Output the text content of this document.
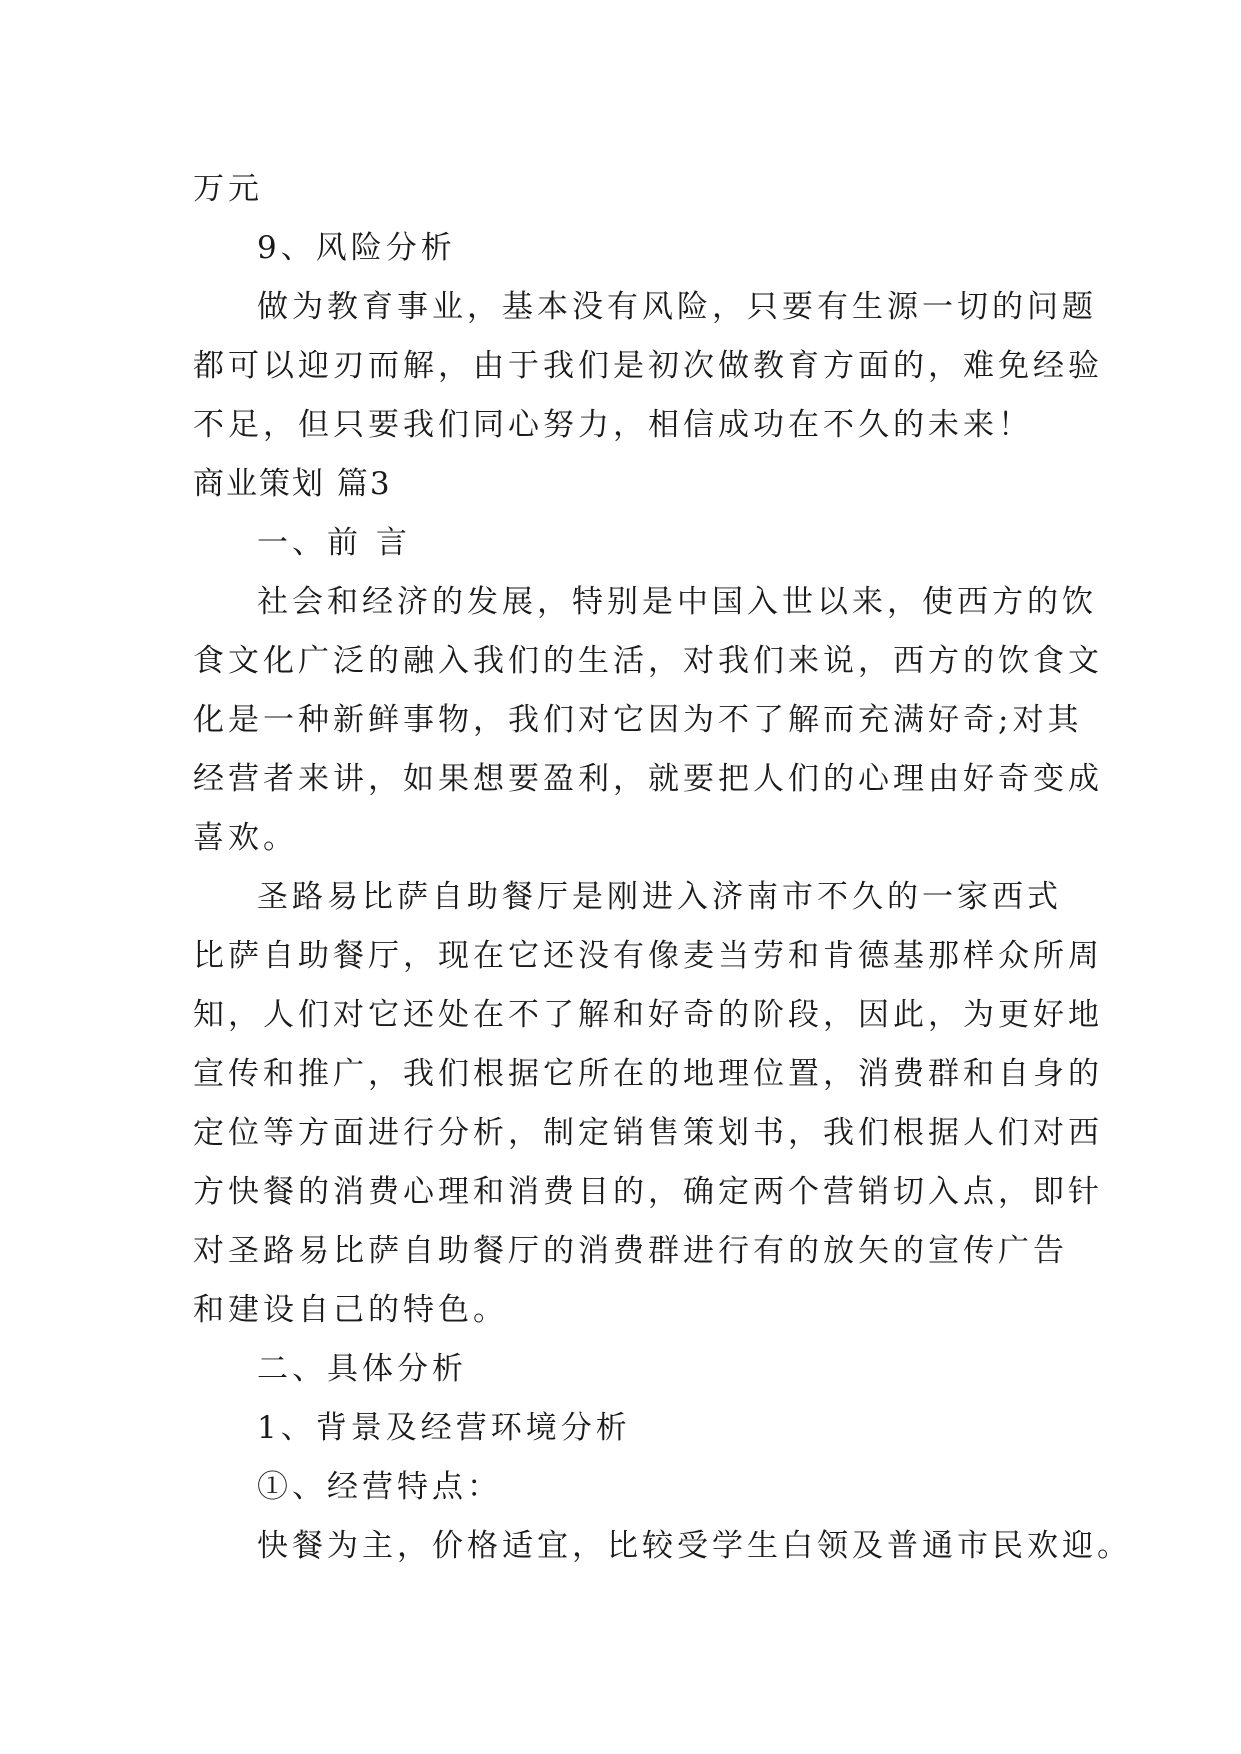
万元

9、风险分析

做为教育事业，基本没有风险，只要有生源一切的问题

都可以迎刃而解，由于我们是初次做教育方面的，难免经验

不足，但只要我们同心努力，相信成功在不久的未来！

商业策划 篇3

一、前 言

社会和经济的发展，特别是中国入世以来，使西方的饮

食文化广泛的融入我们的生活，对我们来说，西方的饮食文

化是一种新鲜事物，我们对它因为不了解而充满好奇;对其

经营者来讲，如果想要盈利，就要把人们的心理由好奇变成

喜欢。

圣路易比萨自助餐厅是刚进入济南市不久的一家西式

比萨自助餐厅，现在它还没有像麦当劳和肯德基那样众所周

知，人们对它还处在不了解和好奇的阶段，因此，为更好地

宣传和推广，我们根据它所在的地理位置，消费群和自身的

定位等方面进行分析，制定销售策划书，我们根据人们对西

方快餐的消费心理和消费目的，确定两个营销切入点，即针

对圣路易比萨自助餐厅的消费群进行有的放矢的宣传广告

和建设自己的特色。

二、具体分析

1、背景及经营环境分析

①、经营特点：

快餐为主，价格适宜，比较受学生白领及普通市民欢迎。
